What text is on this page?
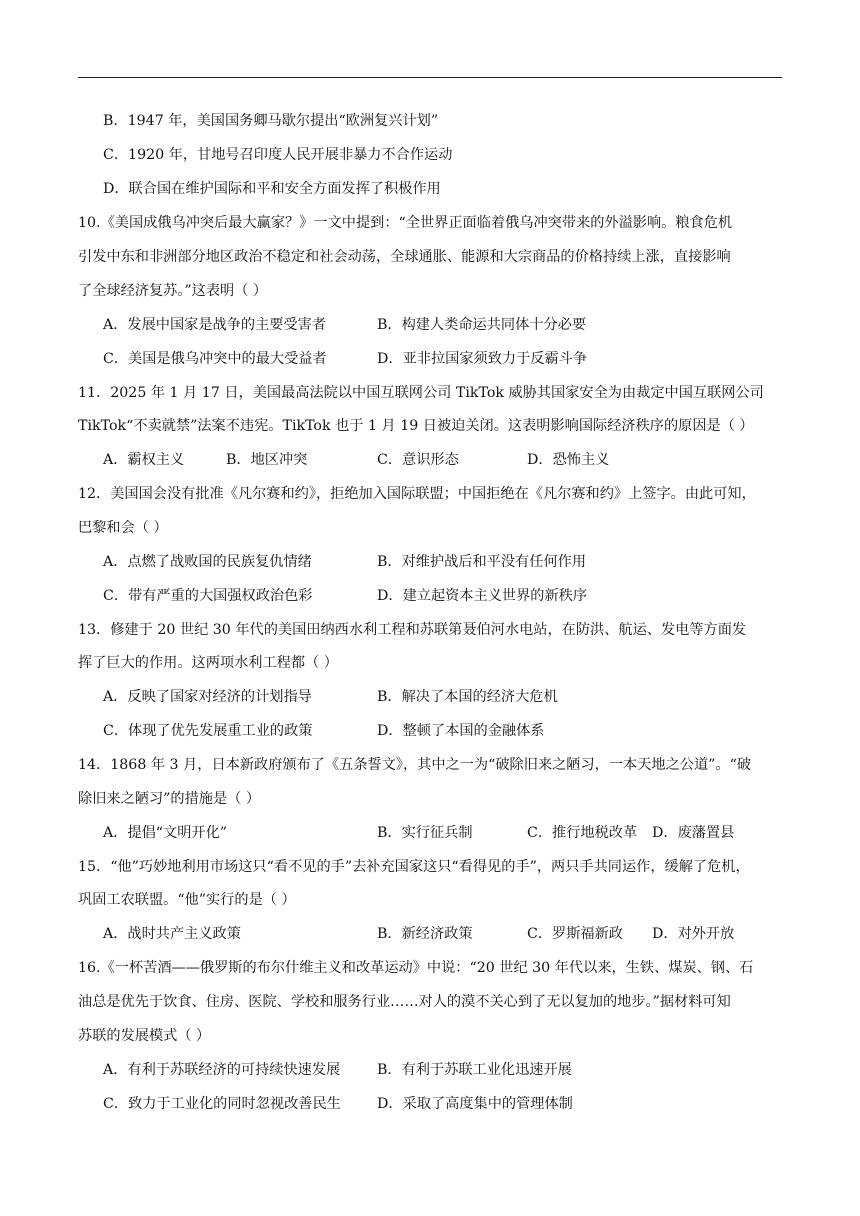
B．1947 年，美国国务卿马歇尔提出“欧洲复兴计划”
C．1920 年，甘地号召印度人民开展非暴力不合作运动
D．联合国在维护国际和平和安全方面发挥了积极作用
10.《美国成俄乌冲突后最大赢家？》一文中提到：“全世界正面临着俄乌冲突带来的外溢影响。粮食危机
引发中东和非洲部分地区政治不稳定和社会动荡，全球通胀、能源和大宗商品的价格持续上涨，直接影响
了全球经济复苏。”这表明（ ）
A．发展中国家是战争的主要受害者	B．构建人类命运共同体十分必要
C．美国是俄乌冲突中的最大受益者	D．亚非拉国家须致力于反霸斗争
11．2025 年 1 月 17 日，美国最高法院以中国互联网公司 TikTok 威胁其国家安全为由裁定中国互联网公司
TikTok“不卖就禁”法案不违宪。TikTok 也于 1 月 19 日被迫关闭。这表明影响国际经济秩序的原因是（ ）
A．霸权主义	B．地区冲突	C．意识形态	D．恐怖主义
12．美国国会没有批准《凡尔赛和约》，拒绝加入国际联盟；中国拒绝在《凡尔赛和约》上签字。由此可知，
巴黎和会（ ）
A．点燃了战败国的民族复仇情绪	B．对维护战后和平没有任何作用
C．带有严重的大国强权政治色彩	D．建立起资本主义世界的新秩序
13．修建于 20 世纪 30 年代的美国田纳西水利工程和苏联第聂伯河水电站，在防洪、航运、发电等方面发
挥了巨大的作用。这两项水利工程都（ ）
A．反映了国家对经济的计划指导	B．解决了本国的经济大危机
C．体现了优先发展重工业的政策	D．整顿了本国的金融体系
14．1868 年 3 月，日本新政府颁布了《五条誓文》，其中之一为“破除旧来之陋习，一本天地之公道”。“破
除旧来之陋习”的措施是（ ）
A．提倡“文明开化”	B．实行征兵制	C．推行地税改革 D．废藩置县
15．“他”巧妙地利用市场这只“看不见的手”去补充国家这只“看得见的手”，两只手共同运作，缓解了危机，
巩固工农联盟。“他”实行的是（ ）
A．战时共产主义政策	B．新经济政策	C．罗斯福新政 D．对外开放
16.《一杯苦酒——俄罗斯的布尔什维主义和改革运动》中说：“20 世纪 30 年代以来，生铁、煤炭、钢、石
油总是优先于饮食、住房、医院、学校和服务行业……对人的漠不关心到了无以复加的地步。”据材料可知
苏联的发展模式（ ）
A．有利于苏联经济的可持续快速发展	B．有利于苏联工业化迅速开展
C．致力于工业化的同时忽视改善民生	D．采取了高度集中的管理体制
